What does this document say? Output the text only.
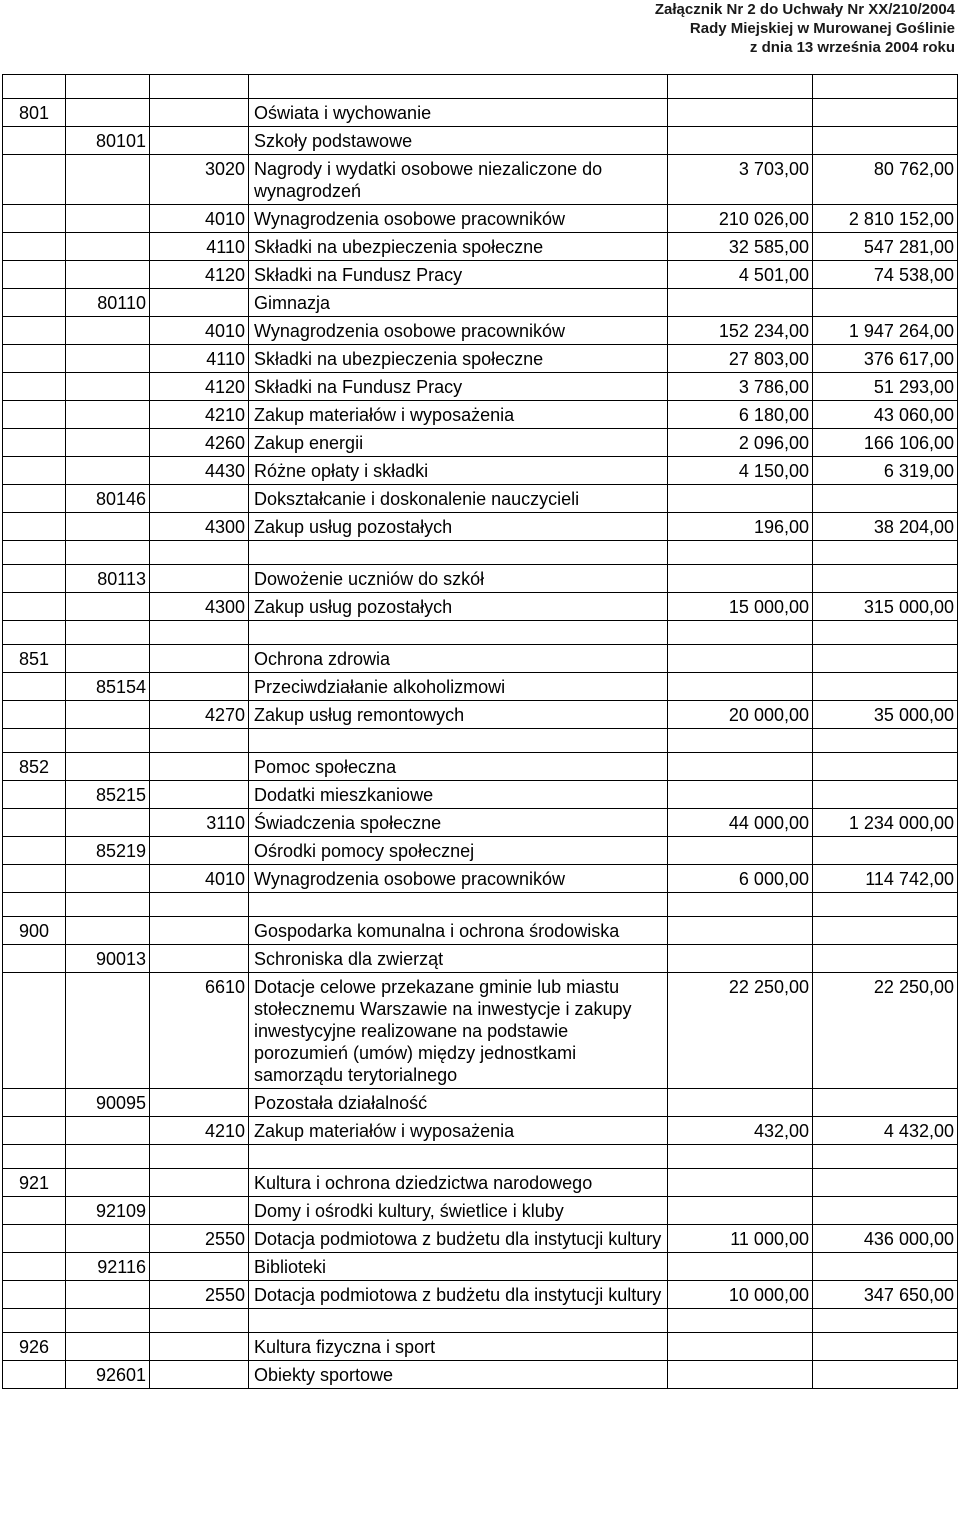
Załącznik Nr 2 do Uchwały Nr XX/210/2004
Rady Miejskiej w Murowanej Goślinie
z dnia 13 września 2004 roku

801			Oświata i wychowanie		
	80101		Szkoły podstawowe		
		3020	Nagrody i wydatki osobowe niezaliczone do wynagrodzeń	3 703,00	80 762,00
		4010	Wynagrodzenia osobowe pracowników	210 026,00	2 810 152,00
		4110	Składki na ubezpieczenia społeczne	32 585,00	547 281,00
		4120	Składki na Fundusz Pracy	4 501,00	74 538,00
	80110		Gimnazja		
		4010	Wynagrodzenia osobowe pracowników	152 234,00	1 947 264,00
		4110	Składki na ubezpieczenia społeczne	27 803,00	376 617,00
		4120	Składki na Fundusz Pracy	3 786,00	51 293,00
		4210	Zakup materiałów i wyposażenia	6 180,00	43 060,00
		4260	Zakup energii	2 096,00	166 106,00
		4430	Różne opłaty i składki	4 150,00	6 319,00
	80146		Dokształcanie i doskonalenie nauczycieli		
		4300	Zakup usług pozostałych	196,00	38 204,00

	80113		Dowożenie uczniów do szkół		
		4300	Zakup usług pozostałych	15 000,00	315 000,00

851			Ochrona zdrowia		
	85154		Przeciwdziałanie alkoholizmowi		
		4270	Zakup usług remontowych	20 000,00	35 000,00

852			Pomoc społeczna		
	85215		Dodatki mieszkaniowe		
		3110	Świadczenia społeczne	44 000,00	1 234 000,00
	85219		Ośrodki pomocy społecznej		
		4010	Wynagrodzenia osobowe pracowników	6 000,00	114 742,00

900			Gospodarka komunalna i ochrona środowiska		
	90013		Schroniska dla zwierząt		
		6610	Dotacje celowe przekazane gminie lub miastu stołecznemu Warszawie na inwestycje i zakupy inwestycyjne realizowane na podstawie porozumień (umów) między jednostkami samorządu terytorialnego	22 250,00	22 250,00
	90095		Pozostała działalność		
		4210	Zakup materiałów i wyposażenia	432,00	4 432,00

921			Kultura i ochrona dziedzictwa narodowego		
	92109		Domy i ośrodki kultury, świetlice i kluby		
		2550	Dotacja podmiotowa z budżetu dla instytucji kultury	11 000,00	436 000,00
	92116		Biblioteki		
		2550	Dotacja podmiotowa z budżetu dla instytucji kultury	10 000,00	347 650,00

926			Kultura fizyczna i sport		
	92601		Obiekty sportowe		
